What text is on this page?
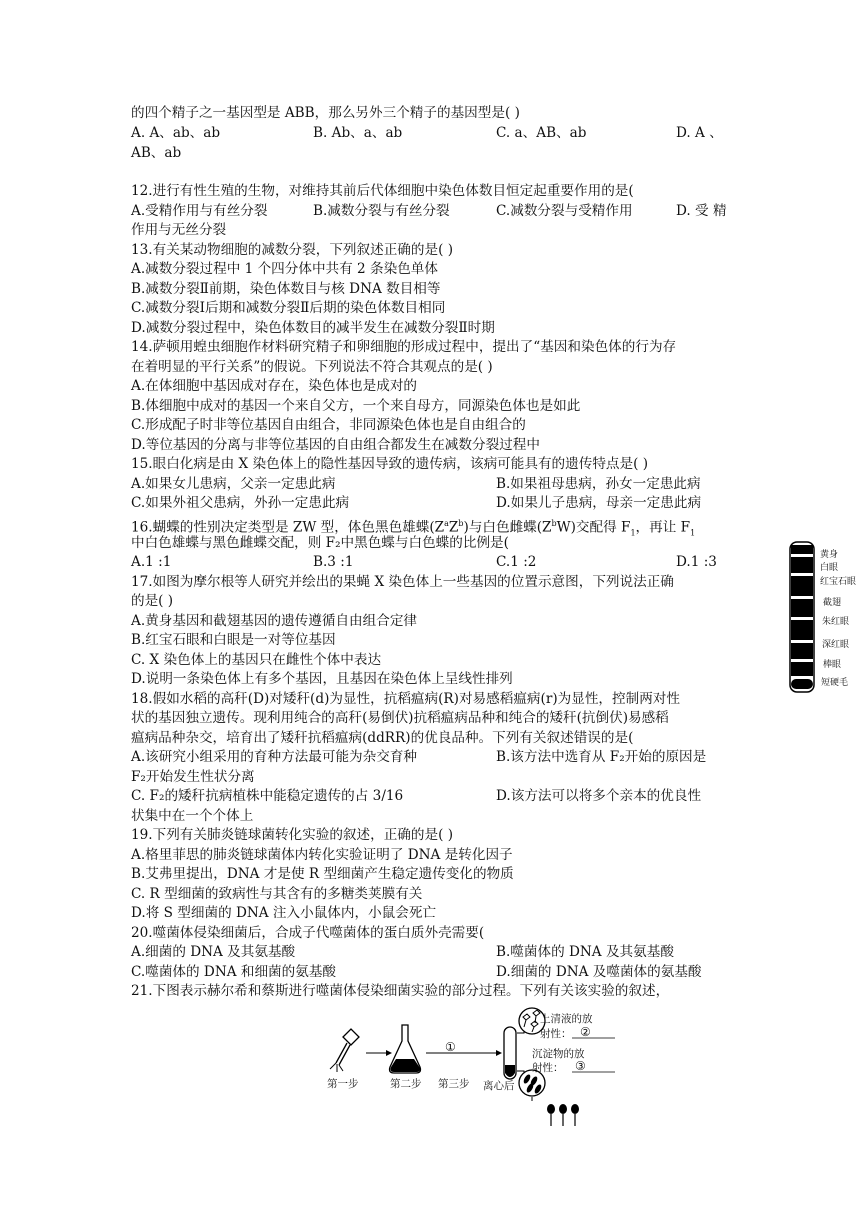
的四个精子之一基因型是 ABB，那么另外三个精子的基因型是( )
A. A、ab、ab	B. Ab、a、ab	C. a、AB、ab	D. A 、
AB、ab
12.进行有性生殖的生物，对维持其前后代体细胞中染色体数目恒定起重要作用的是(
A.受精作用与有丝分裂	B.减数分裂与有丝分裂	C.减数分裂与受精作用	D. 受 精
作用与无丝分裂
13.有关某动物细胞的减数分裂，下列叙述正确的是( )
A.减数分裂过程中 1 个四分体中共有 2 条染色单体
B.减数分裂Ⅱ前期，染色体数目与核 DNA 数目相等
C.减数分裂Ⅰ后期和减数分裂Ⅱ后期的染色体数目相同
D.减数分裂过程中，染色体数目的减半发生在减数分裂Ⅱ时期
14.萨顿用蝗虫细胞作材料研究精子和卵细胞的形成过程中，提出了“基因和染色体的行为存
在着明显的平行关系”的假说。下列说法不符合其观点的是( )
A.在体细胞中基因成对存在，染色体也是成对的
B.体细胞中成对的基因一个来自父方，一个来自母方，同源染色体也是如此
C.形成配子时非等位基因自由组合，非同源染色体也是自由组合的
D.等位基因的分离与非等位基因的自由组合都发生在减数分裂过程中
15.眼白化病是由 X 染色体上的隐性基因导致的遗传病，该病可能具有的遗传特点是( )
A.如果女儿患病，父亲一定患此病	B.如果祖母患病，孙女一定患此病
C.如果外祖父患病，外孙一定患此病	D.如果儿子患病，母亲一定患此病
16.蝴蝶的性别决定类型是 ZW 型，体色黑色雄蝶$(Z^aZ^b)$与白色雌蝶$(Z^bW)$交配得 $F_1$，再让 $F_1$
中白色雄蝶与黑色雌蝶交配，则 F₂中黑色蝶与白色蝶的比例是(
A.1 :1	B.3 :1	C.1 :2	D.1 :3
17.如图为摩尔根等人研究并绘出的果蝇 X 染色体上一些基因的位置示意图，下列说法正确
的是( )
A.黄身基因和截翅基因的遗传遵循自由组合定律
B.红宝石眼和白眼是一对等位基因
C. X 染色体上的基因只在雌性个体中表达
D.说明一条染色体上有多个基因，且基因在染色体上呈线性排列
黄身
白眼
红宝石眼
截翅
朱红眼
深红眼
棒眼
短硬毛
18.假如水稻的高秆(D)对矮秆(d)为显性，抗稻瘟病(R)对易感稻瘟病(r)为显性，控制两对性
状的基因独立遗传。现利用纯合的高秆(易倒伏)抗稻瘟病品种和纯合的矮秆(抗倒伏)易感稻
瘟病品种杂交，培育出了矮秆抗稻瘟病(ddRR)的优良品种。下列有关叙述错误的是(
A.该研究小组采用的育种方法最可能为杂交育种	B.该方法中选育从 F₂开始的原因是
F₂开始发生性状分离
C. F₂的矮秆抗病植株中能稳定遗传的占 3/16	D.该方法可以将多个亲本的优良性
状集中在一个个体上
19.下列有关肺炎链球菌转化实验的叙述，正确的是( )
A.格里菲思的肺炎链球菌体内转化实验证明了 DNA 是转化因子
B.艾弗里提出，DNA 才是使 R 型细菌产生稳定遗传变化的物质
C. R 型细菌的致病性与其含有的多糖类荚膜有关
D.将 S 型细菌的 DNA 注入小鼠体内，小鼠会死亡
20.噬菌体侵染细菌后，合成子代噬菌体的蛋白质外壳需要(
A.细菌的 DNA 及其氨基酸	B.噬菌体的 DNA 及其氨基酸
C.噬菌体的 DNA 和细菌的氨基酸	D.细菌的 DNA 及噬菌体的氨基酸
21.下图表示赫尔希和蔡斯进行噬菌体侵染细菌实验的部分过程。下列有关该实验的叙述，
第一步	第二步 第三步 离心后
①
上清液的放
射性： ②
沉淀物的放
射性： ③
